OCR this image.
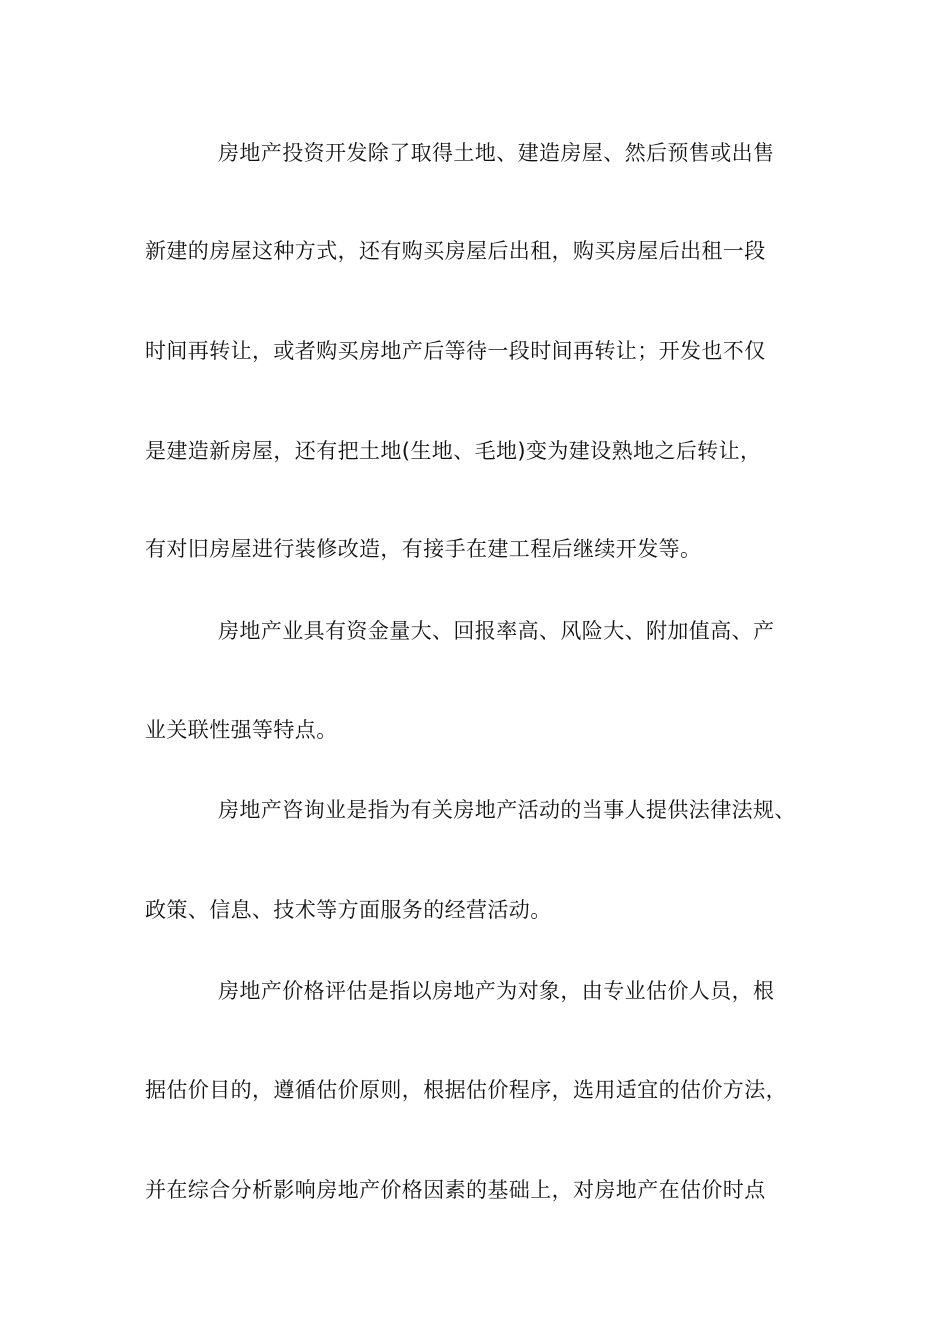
房地产投资开发除了取得土地、建造房屋、然后预售或出售
新建的房屋这种方式，还有购买房屋后出租，购买房屋后出租一段
时间再转让，或者购买房地产后等待一段时间再转让；开发也不仅
是建造新房屋，还有把土地(生地、毛地)变为建设熟地之后转让，
有对旧房屋进行装修改造，有接手在建工程后继续开发等。
房地产业具有资金量大、回报率高、风险大、附加值高、产
业关联性强等特点。
房地产咨询业是指为有关房地产活动的当事人提供法律法规、
政策、信息、技术等方面服务的经营活动。
房地产价格评估是指以房地产为对象，由专业估价人员，根
据估价目的，遵循估价原则，根据估价程序，选用适宜的估价方法，
并在综合分析影响房地产价格因素的基础上，对房地产在估价时点
